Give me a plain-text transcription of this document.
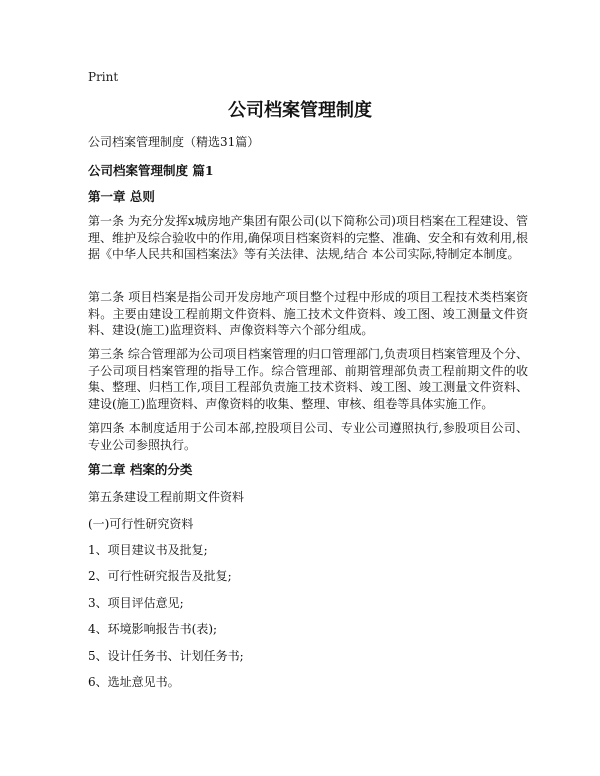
Print
公司档案管理制度

公司档案管理制度（精选31篇）

公司档案管理制度 篇1

第一章 总则

第一条 为充分发挥x城房地产集团有限公司(以下简称公司)项目档案在工程建设、管理、维护及综合验收中的作用,确保项目档案资料的完整、准确、安全和有效利用,根据《中华人民共和国档案法》等有关法律、法规,结合 本公司实际,特制定本制度。

第二条 项目档案是指公司开发房地产项目整个过程中形成的项目工程技术类档案资料。主要由建设工程前期文件资料、施工技术文件资料、竣工图、竣工测量文件资料、建设(施工)监理资料、声像资料等六个部分组成。

第三条 综合管理部为公司项目档案管理的归口管理部门,负责项目档案管理及个分、子公司项目档案管理的指导工作。综合管理部、前期管理部负责工程前期文件的收集、整理、归档工作,项目工程部负责施工技术资料、竣工图、竣工测量文件资料、建设(施工)监理资料、声像资料的收集、整理、审核、组卷等具体实施工作。

第四条 本制度适用于公司本部,控股项目公司、专业公司遵照执行,参股项目公司、专业公司参照执行。

第二章 档案的分类

第五条建设工程前期文件资料

(一)可行性研究资料

1、项目建议书及批复;

2、可行性研究报告及批复;

3、项目评估意见;

4、环境影响报告书(表);

5、设计任务书、计划任务书;

6、选址意见书。
